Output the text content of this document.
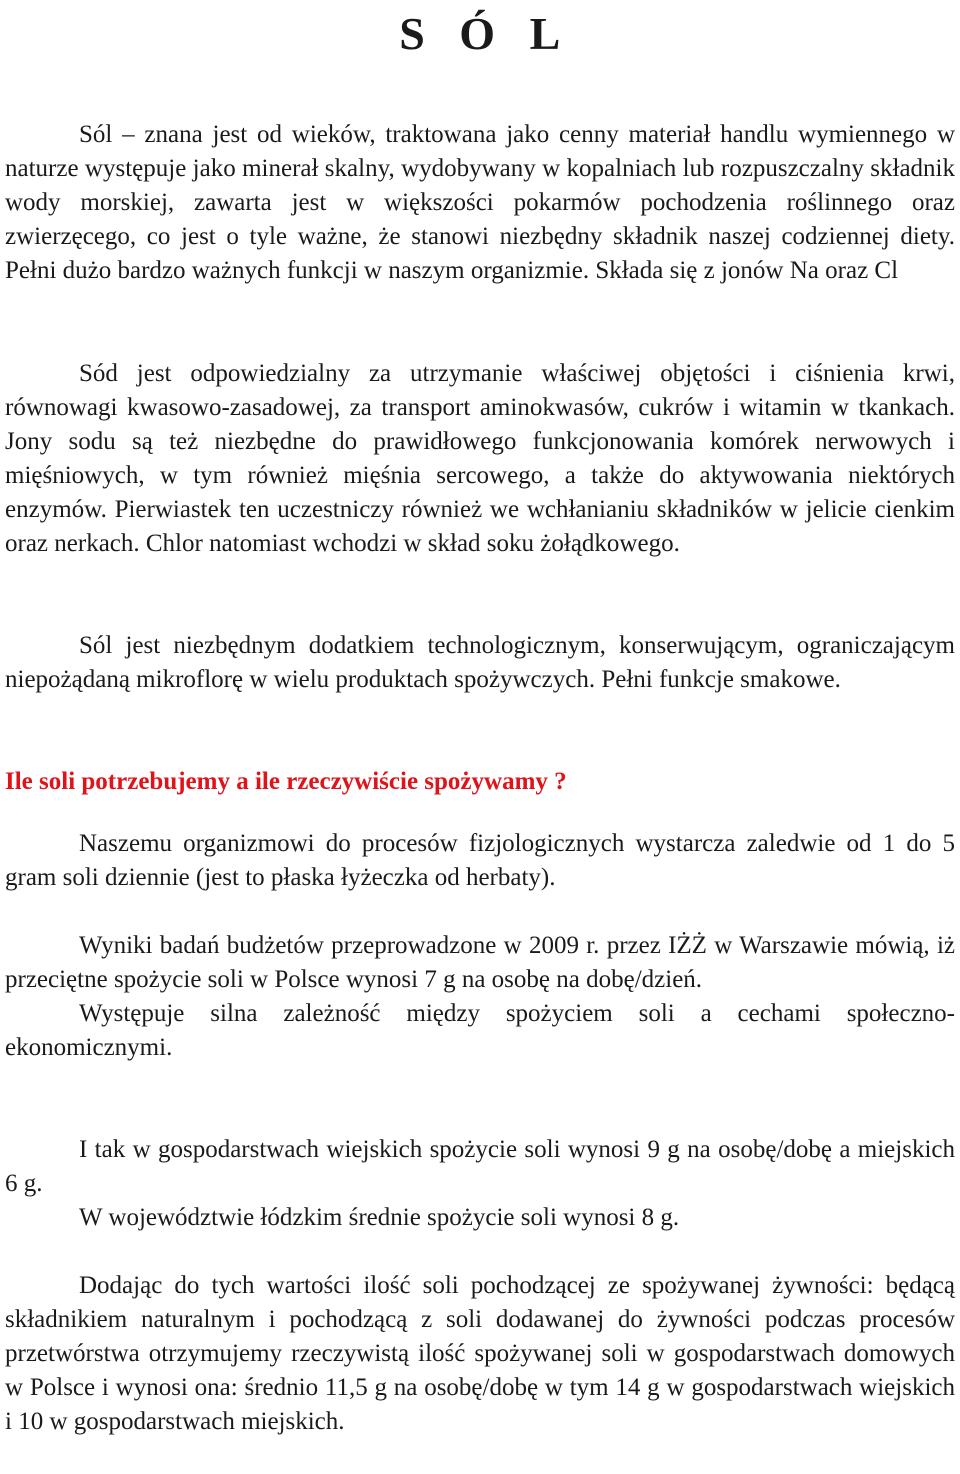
S Ó L

Sól – znana jest od wieków, traktowana jako cenny materiał handlu wymiennego w naturze występuje jako minerał skalny, wydobywany w kopalniach lub rozpuszczalny składnik wody morskiej, zawarta jest w większości pokarmów pochodzenia roślinnego oraz zwierzęcego, co jest o tyle ważne, że stanowi niezbędny składnik naszej codziennej diety. Pełni dużo bardzo ważnych funkcji w naszym organizmie. Składa się z jonów Na oraz Cl

Sód jest odpowiedzialny za utrzymanie właściwej objętości i ciśnienia krwi, równowagi kwasowo-zasadowej, za transport aminokwasów, cukrów i witamin w tkankach. Jony sodu są też niezbędne do prawidłowego funkcjonowania komórek nerwowych i mięśniowych, w tym również mięśnia sercowego, a także do aktywowania niektórych enzymów. Pierwiastek ten uczestniczy również we wchłanianiu składników w jelicie cienkim oraz nerkach. Chlor natomiast wchodzi w skład soku żołądkowego.

Sól jest niezbędnym dodatkiem technologicznym, konserwującym, ograniczającym niepożądaną mikroflorę w wielu produktach spożywczych. Pełni funkcje smakowe.

Ile soli potrzebujemy a ile rzeczywiście spożywamy ?

Naszemu organizmowi do procesów fizjologicznych wystarcza zaledwie od 1 do 5 gram soli dziennie (jest to płaska łyżeczka od herbaty).

Wyniki badań budżetów przeprowadzone w 2009 r. przez IŻŻ w Warszawie mówią, iż przeciętne spożycie soli w Polsce wynosi 7 g na osobę na dobę/dzień.

Występuje silna zależność między spożyciem soli a cechami społeczno-ekonomicznymi.

I tak w gospodarstwach wiejskich spożycie soli wynosi 9 g na osobę/dobę a miejskich 6 g.

W województwie łódzkim średnie spożycie soli wynosi 8 g.

Dodając do tych wartości ilość soli pochodzącej ze spożywanej żywności: będącą składnikiem naturalnym i pochodzącą z soli dodawanej do żywności podczas procesów przetwórstwa otrzymujemy rzeczywistą ilość spożywanej soli w gospodarstwach domowych w Polsce i wynosi ona: średnio 11,5 g na osobę/dobę w tym 14 g w gospodarstwach wiejskich i 10 w gospodarstwach miejskich.
